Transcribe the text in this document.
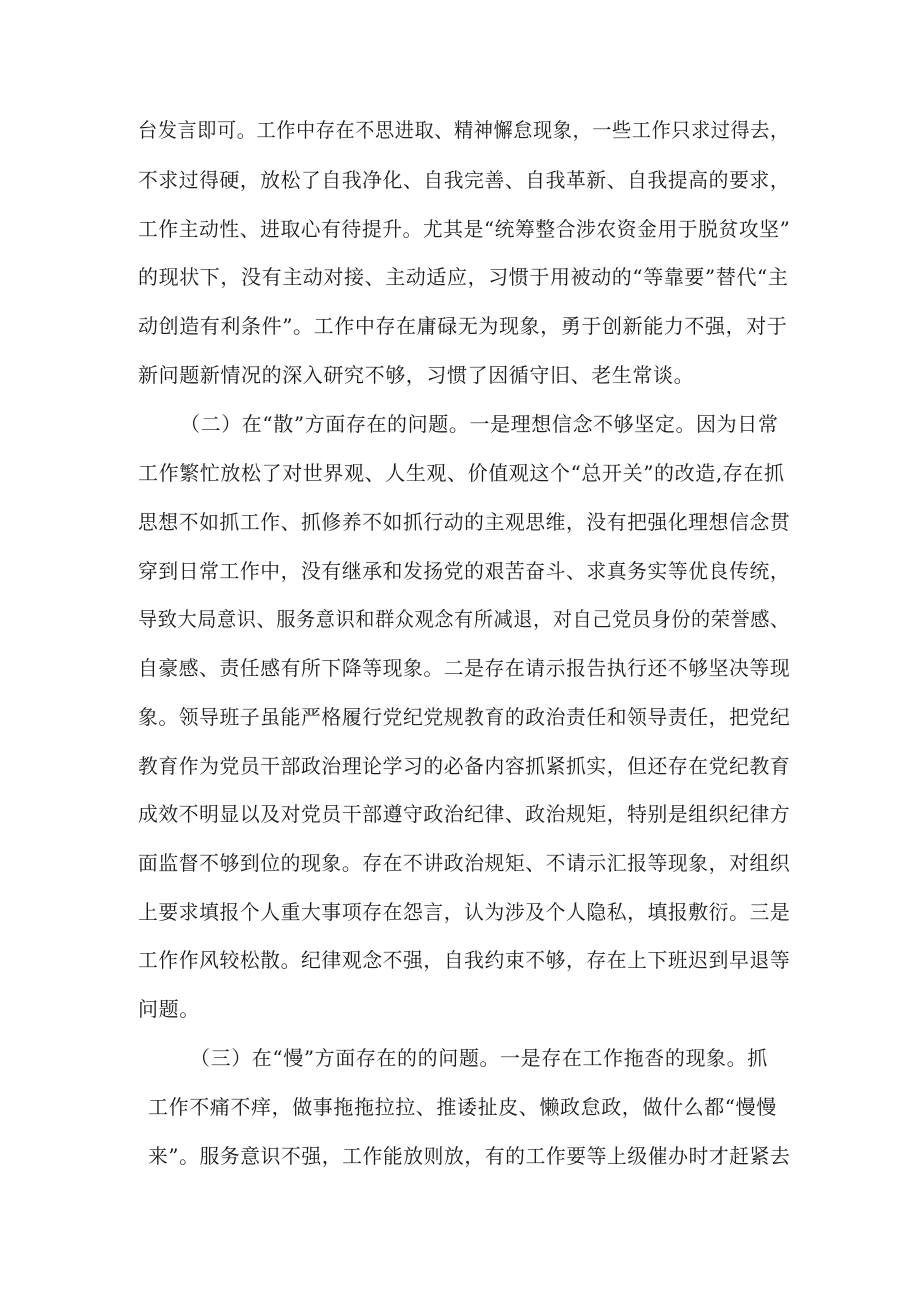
台发言即可。工作中存在不思进取、精神懈怠现象，一些工作只求过得去，
不求过得硬，放松了自我净化、自我完善、自我革新、自我提高的要求，
工作主动性、进取心有待提升。尤其是“统筹整合涉农资金用于脱贫攻坚”
的现状下，没有主动对接、主动适应，习惯于用被动的“等靠要”替代“主
动创造有利条件”。工作中存在庸碌无为现象，勇于创新能力不强，对于
新问题新情况的深入研究不够，习惯了因循守旧、老生常谈。
（二）在“散”方面存在的问题。一是理想信念不够坚定。因为日常
工作繁忙放松了对世界观、人生观、价值观这个“总开关”的改造,存在抓
思想不如抓工作、抓修养不如抓行动的主观思维，没有把强化理想信念贯
穿到日常工作中，没有继承和发扬党的艰苦奋斗、求真务实等优良传统，
导致大局意识、服务意识和群众观念有所减退，对自己党员身份的荣誉感、
自豪感、责任感有所下降等现象。二是存在请示报告执行还不够坚决等现
象。领导班子虽能严格履行党纪党规教育的政治责任和领导责任，把党纪
教育作为党员干部政治理论学习的必备内容抓紧抓实，但还存在党纪教育
成效不明显以及对党员干部遵守政治纪律、政治规矩，特别是组织纪律方
面监督不够到位的现象。存在不讲政治规矩、不请示汇报等现象，对组织
上要求填报个人重大事项存在怨言，认为涉及个人隐私，填报敷衍。三是
工作作风较松散。纪律观念不强，自我约束不够，存在上下班迟到早退等
问题。
（三）在“慢”方面存在的的问题。一是存在工作拖沓的现象。抓
工作不痛不痒，做事拖拖拉拉、推诿扯皮、懒政怠政，做什么都“慢慢
来”。服务意识不强，工作能放则放，有的工作要等上级催办时才赶紧去
